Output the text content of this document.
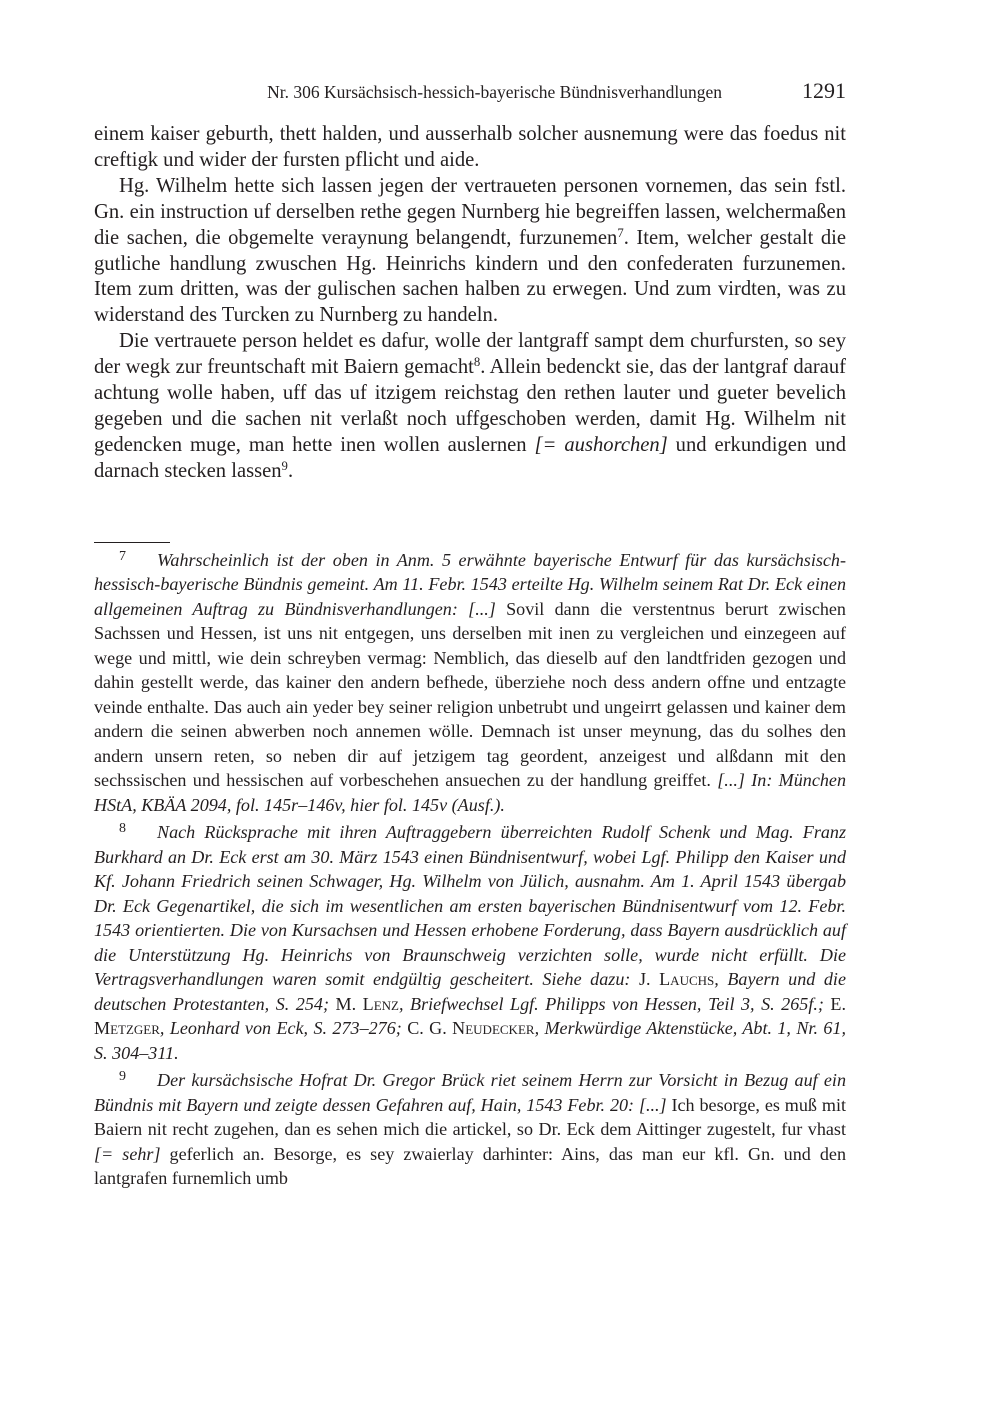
Nr. 306 Kursächsisch-hessich-bayerische Bündnisverhandlungen	1291

einem kaiser geburth, thett halden, und ausserhalb solcher ausnemung were das foedus nit creftigk und wider der fursten pflicht und aide.

Hg. Wilhelm hette sich lassen jegen der vertraueten personen vornemen, das sein fstl. Gn. ein instruction uf derselben rethe gegen Nurnberg hie begreiffen lassen, welchermaßen die sachen, die obgemelte veraynung belangendt, furzunemen$^7$. Item, welcher gestalt die gutliche handlung zwuschen Hg. Heinrichs kindern und den confederaten furzunemen. Item zum dritten, was der gulischen sachen halben zu erwegen. Und zum virdten, was zu widerstand des Turcken zu Nurnberg zu handeln.

Die vertrauete person heldet es dafur, wolle der lantgraff sampt dem churfursten, so sey der wegk zur freuntschaft mit Baiern gemacht$^8$. Allein bedenckt sie, das der lantgraf darauf achtung wolle haben, uff das uf itzigem reichstag den rethen lauter und gueter bevelich gegeben und die sachen nit verlaßt noch uffgeschoben werden, damit Hg. Wilhelm nit gedencken muge, man hette inen wollen auslernen [= aushorchen] und erkundigen und darnach stecken lassen$^9$.

7 Wahrscheinlich ist der oben in Anm. 5 erwähnte bayerische Entwurf für das kursächsisch-hessisch-bayerische Bündnis gemeint. Am 11. Febr. 1543 erteilte Hg. Wilhelm seinem Rat Dr. Eck einen allgemeinen Auftrag zu Bündnisverhandlungen: [...] Sovil dann die verstentnus berurt zwischen Sachssen und Hessen, ist uns nit entgegen, uns derselben mit inen zu vergleichen und einzegeen auf wege und mittl, wie dein schreyben vermag: Nemblich, das dieselb auf den landtfriden gezogen und dahin gestellt werde, das kainer den andern befhede, überziehe noch dess andern offne und entzagte veinde enthalte. Das auch ain yeder bey seiner religion unbetrubt und ungeirrt gelassen und kainer dem andern die seinen abwerben noch annemen wölle. Demnach ist unser meynung, das du solhes den andern unsern reten, so neben dir auf jetzigem tag geordent, anzeigest und alßdann mit den sechssischen und hessischen auf vorbeschehen ansuechen zu der handlung greiffet. [...] In: München HStA, KBÄA 2094, fol. 145r–146v, hier fol. 145v (Ausf.).

8 Nach Rücksprache mit ihren Auftraggebern überreichten Rudolf Schenk und Mag. Franz Burkhard an Dr. Eck erst am 30. März 1543 einen Bündnisentwurf, wobei Lgf. Philipp den Kaiser und Kf. Johann Friedrich seinen Schwager, Hg. Wilhelm von Jülich, ausnahm. Am 1. April 1543 übergab Dr. Eck Gegenartikel, die sich im wesentlichen am ersten bayerischen Bündnisentwurf vom 12. Febr. 1543 orientierten. Die von Kursachsen und Hessen erhobene Forderung, dass Bayern ausdrücklich auf die Unterstützung Hg. Heinrichs von Braunschweig verzichten solle, wurde nicht erfüllt. Die Vertragsverhandlungen waren somit endgültig gescheitert. Siehe dazu: J. Lauchs, Bayern und die deutschen Protestanten, S. 254; M. Lenz, Briefwechsel Lgf. Philipps von Hessen, Teil 3, S. 265f.; E. Metzger, Leonhard von Eck, S. 273–276; C. G. Neudecker, Merkwürdige Aktenstücke, Abt. 1, Nr. 61, S. 304–311.

9 Der kursächsische Hofrat Dr. Gregor Brück riet seinem Herrn zur Vorsicht in Bezug auf ein Bündnis mit Bayern und zeigte dessen Gefahren auf, Hain, 1543 Febr. 20: [...] Ich besorge, es muß mit Baiern nit recht zugehen, dan es sehen mich die artickel, so Dr. Eck dem Aittinger zugestelt, fur vhast [= sehr] geferlich an. Besorge, es sey zwaierlay darhinter: Ains, das man eur kfl. Gn. und den lantgrafen furnemlich umb
